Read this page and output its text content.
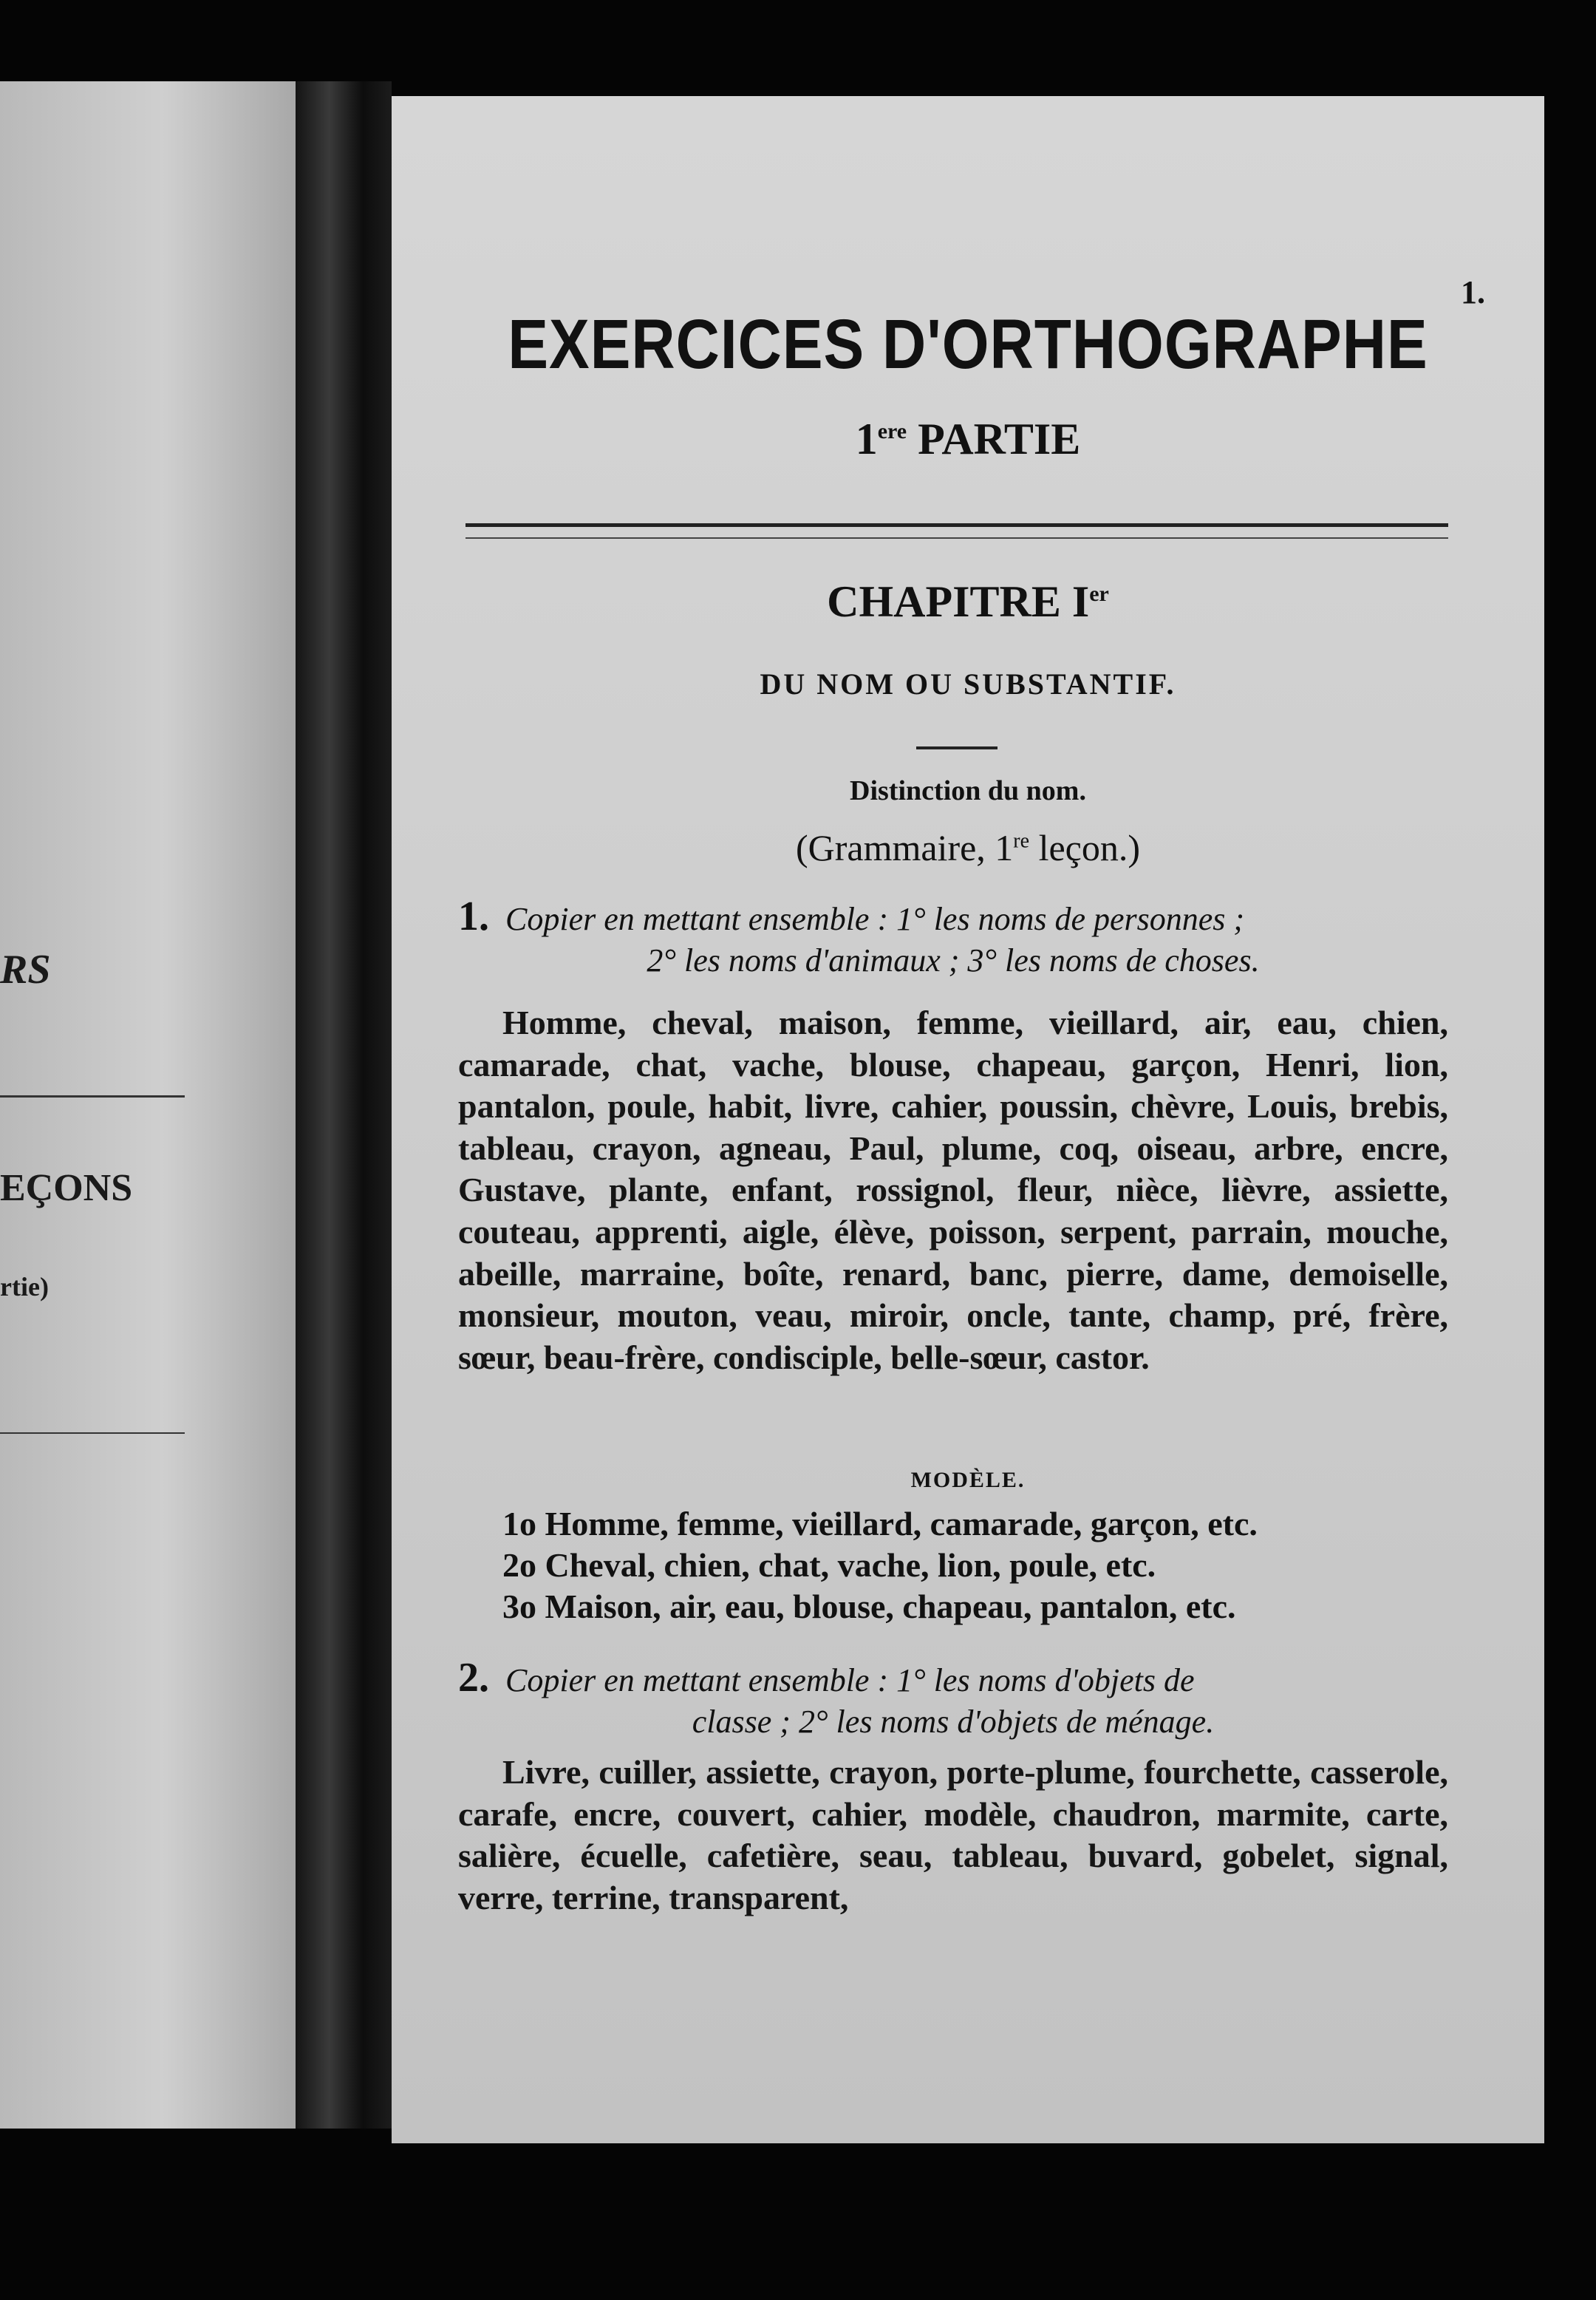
RS
EÇONS
rtie)
1.
EXERCICES D'ORTHOGRAPHE
1ere PARTIE
CHAPITRE Ier
DU NOM OU SUBSTANTIF.
Distinction du nom.
(Grammaire, 1re leçon.)
1. Copier en mettant ensemble : 1° les noms de personnes ;
2° les noms d'animaux ; 3° les noms de choses.
Homme, cheval, maison, femme, vieillard, air, eau, chien, camarade, chat, vache, blouse, chapeau, garçon, Henri, lion, pantalon, poule, habit, livre, cahier, poussin, chèvre, Louis, brebis, tableau, crayon, agneau, Paul, plume, coq, oiseau, arbre, encre, Gustave, plante, enfant, rossignol, fleur, nièce, lièvre, assiette, couteau, apprenti, aigle, élève, poisson, serpent, parrain, mouche, abeille, marraine, boîte, renard, banc, pierre, dame, demoiselle, monsieur, mouton, veau, miroir, oncle, tante, champ, pré, frère, sœur, beau-frère, condisciple, belle-sœur, castor.
MODÈLE.
1o Homme, femme, vieillard, camarade, garçon, etc.
2o Cheval, chien, chat, vache, lion, poule, etc.
3o Maison, air, eau, blouse, chapeau, pantalon, etc.
2. Copier en mettant ensemble : 1° les noms d'objets de
classe ; 2° les noms d'objets de ménage.
Livre, cuiller, assiette, crayon, porte-plume, fourchette, casserole, carafe, encre, couvert, cahier, modèle, chaudron, marmite, carte, salière, écuelle, cafetière, seau, tableau, buvard, gobelet, signal, verre, terrine, transparent,
